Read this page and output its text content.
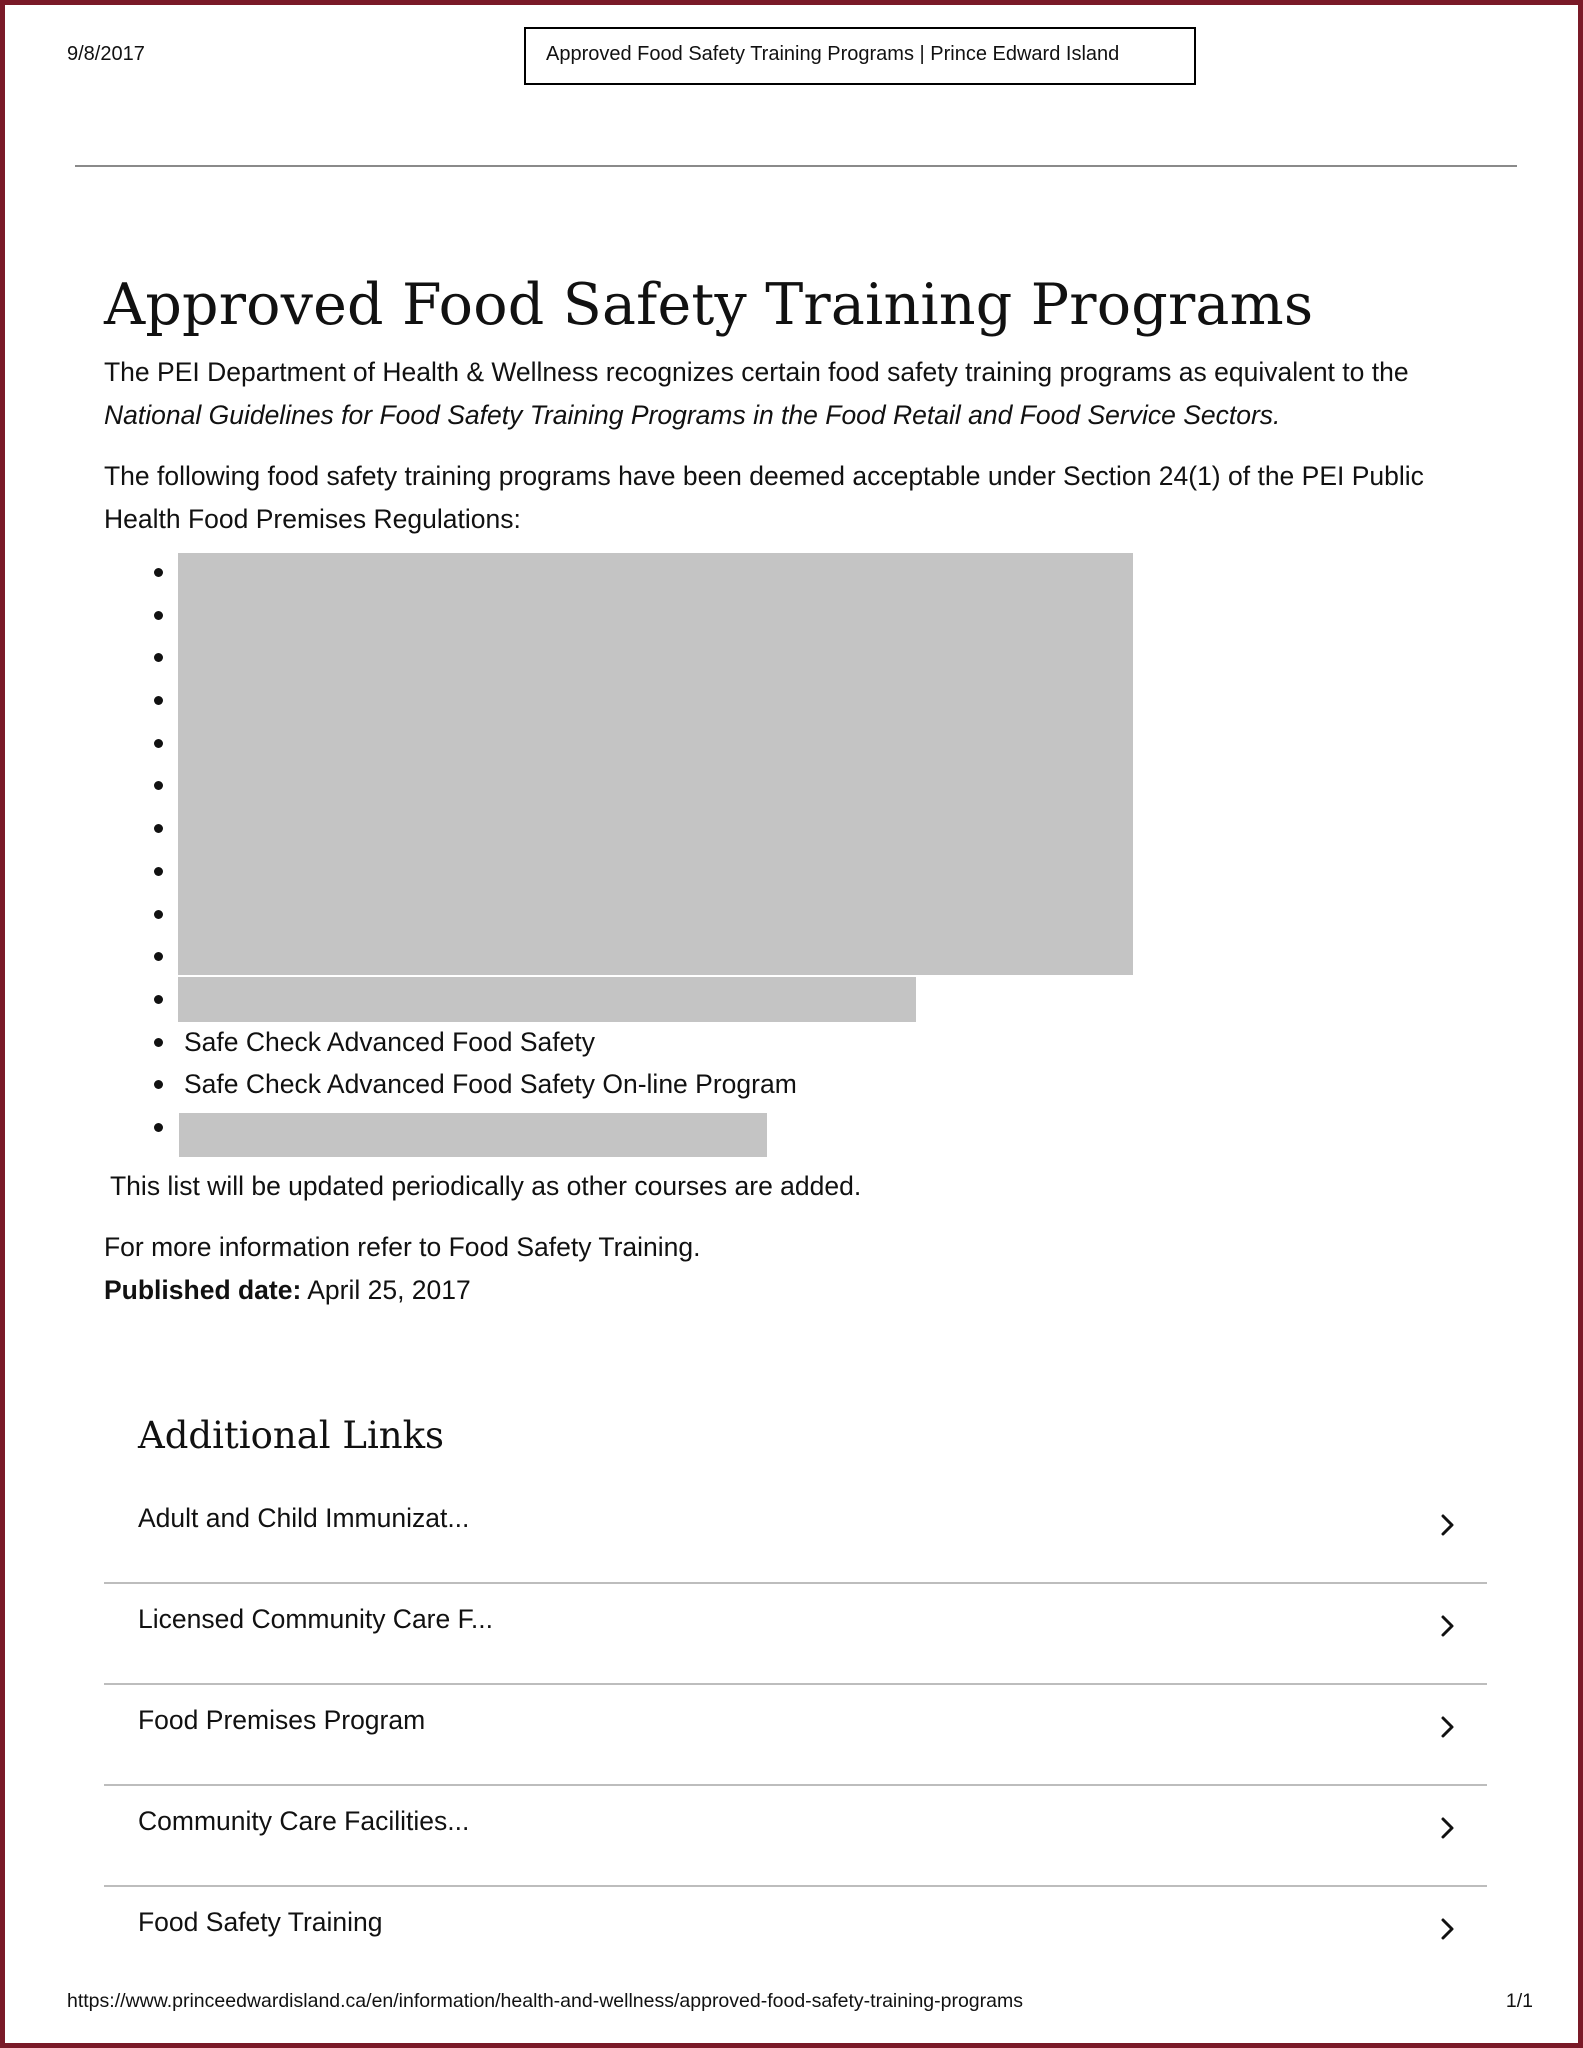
9/8/2017	Approved Food Safety Training Programs | Prince Edward Island
Approved Food Safety Training Programs

The PEI Department of Health & Wellness recognizes certain food safety training programs as equivalent to the National Guidelines for Food Safety Training Programs in the Food Retail and Food Service Sectors.

The following food safety training programs have been deemed acceptable under Section 24(1) of the PEI Public Health Food Premises Regulations:

Safe Check Advanced Food Safety
Safe Check Advanced Food Safety On-line Program

This list will be updated periodically as other courses are added.

For more information refer to Food Safety Training.

Published date: April 25, 2017

Additional Links
Adult and Child Immunizat...
Licensed Community Care F...
Food Premises Program
Community Care Facilities...
Food Safety Training
https://www.princeedwardisland.ca/en/information/health-and-wellness/approved-food-safety-training-programs	1/1
